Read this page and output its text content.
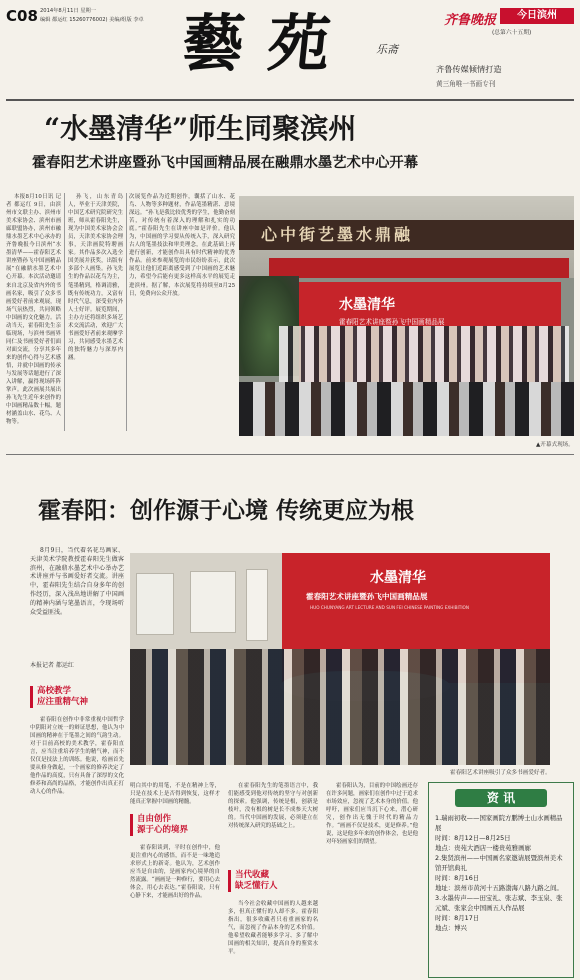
C08 2014年8月11日 星期一
编辑 都运红 15260776002) 美编/组版 李卓 藝苑 乐斋
齐鲁晚报	今日滨州
(总第六十五期)
齐鲁传媒倾情打造
黄三角唯一书画专刊
“水墨清华”师生同聚滨州
霍春阳艺术讲座暨孙飞中国画精品展在融鼎水墨艺术中心开幕
本报8月10日讯 记者 都运红 9日，由滨州市文联主办、滨州市美术家协会、滨州市画廊联盟协办，滨州市融鼎水墨艺术中心承办的齐鲁晚报今日滨州“水墨清华——霍春阳艺术讲座暨孙飞中国画精品展”在融鼎水墨艺术中心开幕。本次活动邀请来自北京及省内外的书画名家，吸引了众多书画爱好者前来观展，现场气氛热烈，共同领略中国画的文化魅力。活动当天，霍春阳先生亲临现场，与滨州书画界同仁及书画爱好者们面对面交流，分享其多年来的创作心得与艺术感悟，并就中国画的传承与发展等话题进行了深入讲解，赢得现场阵阵掌声。此次画展共展出孙飞先生近年来创作的中国画精品数十幅，题材涵盖山水、花鸟、人物等。
孙飞，山东青岛人，毕业于天津美院，中国艺术研究院研究生班，师从霍春阳先生，现为中国美术家协会会员，天津美术家协会理事，天津画院特聘画家。其作品多次入选全国美展并获奖，出版有多部个人画集。孙飞先生的作品以花鸟为主，笔墨精到，格调清雅，既有传统功力，又富有时代气息，深受业内外人士好评。展览期间，主办方还将组织多场艺术交流活动，欢迎广大书画爱好者前来观摩学习，共同感受水墨艺术的独特魅力与深厚内涵。
次展览作品为近期创作，囊括了山水、花鸟、人物等多种题材，作品笔墨精湛、意境深远。“孙飞是我比较优秀的学生，他勤奋刻苦，对传统有着深入的理解和扎实的功底。”霍春阳先生在讲座中如是评价。他认为，中国画的学习要从传统入手，深入研究古人的笔墨技法和审美理念，在此基础上再进行创新，才能创作出具有时代精神的优秀作品。前来参观展览的市民纷纷表示，此次展览让他们近距离感受到了中国画的艺术魅力，希望今后能有更多这样高水平的展览走进滨州。据了解，本次展览将持续至8月25日，免费向公众开放。
心中街艺墨水鼎融
水墨清华
霍春阳艺术讲座暨孙飞中国画精品展
▲开幕式现场。
霍春阳：创作源于心境 传统更应为根
8月9日，当代着名花鸟画家、天津美术学院教授霍春阳先生做客滨州，在融鼎水墨艺术中心举办艺术讲座并与书画爱好者交流。讲座中，霍春阳先生结合自身多年的创作经历，深入浅出地讲解了中国画的精神内涵与笔墨语言，令现场听众受益匪浅。
本报记者 都运红
水墨清华
霍春阳艺术讲座暨孙飞中国画精品展
HUO CHUNYANG ART LECTURE AND SUN FEI CHINESE PAINTING EXHIBITION
霍春阳艺术讲座吸引了众多书画爱好者。
高校教学
应注重精气神
霍春阳在创作中非常重视中国哲学中阴阳对立统一的辩证思想，他认为中国画的精神在于笔墨之间的气韵生动。对于目前高校的美术教学，霍春阳直言，应当注重培养学生的精气神，而不仅仅是技法上的训练。他说，绘画首先要从修身做起，一个画家的修养决定了他作品的高度，只有具备了深厚的文化修养和高尚的品格，才能创作出真正打动人心的作品。
明白其中的用笔，不是在精神上等，只是在技术上是否得到恢复，这样才能真正掌握中国画的精髓。
自由创作
源于心的境界
霍春阳谈到，平时在创作中，他更注重内心的感悟，而不是一味地追求形式上的新奇。他认为，艺术创作应当是自由的，是画家内心境界的自然流露。“画画是一种修行，要用心去体会，用心去表达。”霍春阳说，只有心静下来，才能画出好的作品。
在霍春阳先生的笔墨语言中，我们能感受到他对传统的坚守与对创新的探索。他强调，传统是根，创新是枝叶，没有根的树是长不成参天大树的。当代中国画的发展，必须建立在对传统深入研究的基础之上。
当代收藏
缺乏懂行人
当今社会收藏中国画的人越来越多，但真正懂行的人却不多。霍春阳指出，很多收藏者只看重画家的名气，而忽视了作品本身的艺术价值。他希望收藏者能够多学习、多了解中国画的相关知识，提高自身的鉴赏水平。
霍春阳认为，目前的中国绘画还存在许多问题，画家们在创作中过于追求市场效应，忽视了艺术本身的价值。他呼吁，画家们应当沉下心来，潜心研究，创作出无愧于时代的精品力作。“画画不仅是技术，更是修养。”他说，这是他多年来的创作体会，也是他对年轻画家们的期望。
资 讯

1.瑞雨初收——国家画院方鹏博士山水画精品展

时间：8月12日—8月25日

地点：贵苑大酒店一楼贵苑雅画廊

2.集贤滨州——中国画名家邀请展暨滨州美术馆开馆典礼

时间：8月16日

地址：滨州市黄河十五路渤海八路九路之间。

3.水墨传声——田宝礼、张志斌、李玉泉、张元斌、张家会中国画五人作品展

时间：8月17日

地点：博兴
